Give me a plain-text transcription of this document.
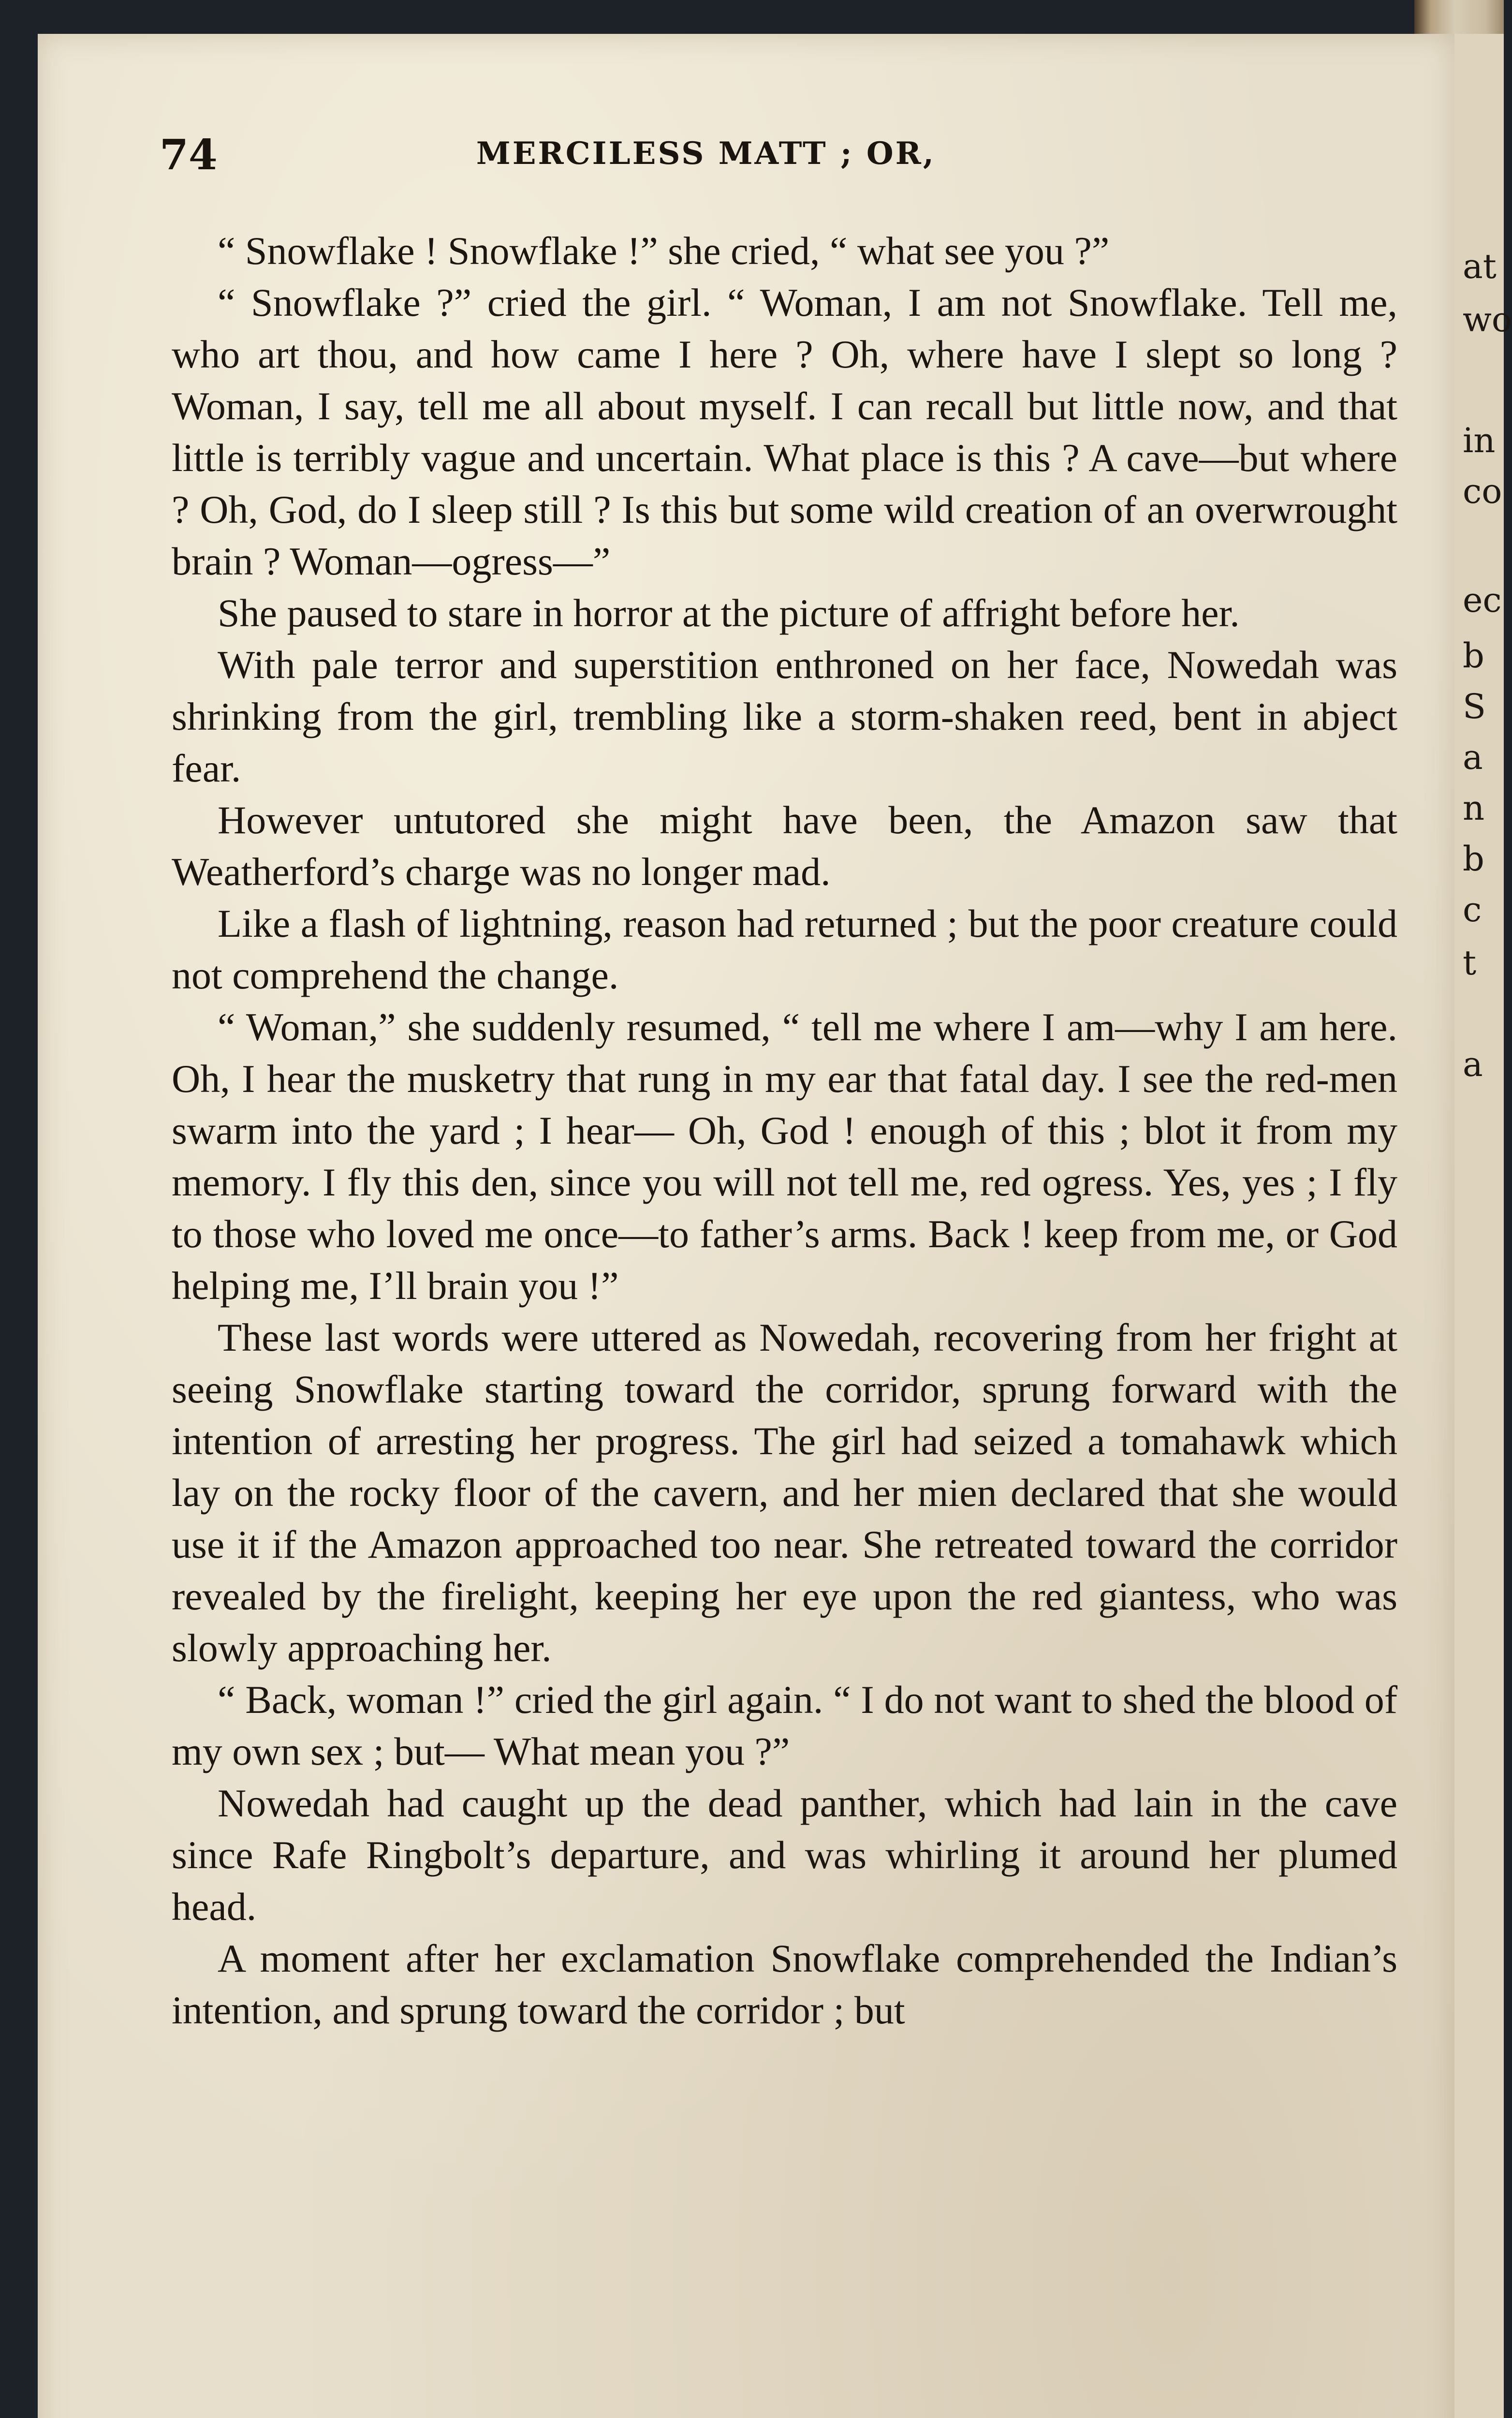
at
wo
in
co
ec
b
S
a
n
b
c
t
a
74	MERCILESS MATT ; OR,

“ Snowflake ! Snowflake !” she cried, “ what see you ?”

“ Snowflake ?” cried the girl. “ Woman, I am not Snowflake. Tell me, who art thou, and how came I here ? Oh, where have I slept so long ? Woman, I say, tell me all about myself. I can recall but little now, and that little is terribly vague and uncertain. What place is this ? A cave—but where ? Oh, God, do I sleep still ? Is this but some wild creation of an overwrought brain ? Woman—ogress—”

She paused to stare in horror at the picture of affright before her.

With pale terror and superstition enthroned on her face, Nowedah was shrinking from the girl, trembling like a storm-shaken reed, bent in abject fear.

However untutored she might have been, the Amazon saw that Weatherford’s charge was no longer mad.

Like a flash of lightning, reason had returned ; but the poor creature could not comprehend the change.

“ Woman,” she suddenly resumed, “ tell me where I am—why I am here. Oh, I hear the musketry that rung in my ear that fatal day. I see the red-men swarm into the yard ; I hear— Oh, God ! enough of this ; blot it from my memory. I fly this den, since you will not tell me, red ogress. Yes, yes ; I fly to those who loved me once—to father’s arms. Back ! keep from me, or God helping me, I’ll brain you !”

These last words were uttered as Nowedah, recovering from her fright at seeing Snowflake starting toward the corridor, sprung forward with the intention of arresting her progress. The girl had seized a tomahawk which lay on the rocky floor of the cavern, and her mien declared that she would use it if the Amazon approached too near. She retreated toward the corridor revealed by the firelight, keeping her eye upon the red giantess, who was slowly approaching her.

“ Back, woman !” cried the girl again. “ I do not want to shed the blood of my own sex ; but— What mean you ?”

Nowedah had caught up the dead panther, which had lain in the cave since Rafe Ringbolt’s departure, and was whirling it around her plumed head.

A moment after her exclamation Snowflake comprehended the Indian’s intention, and sprung toward the corridor ; but
